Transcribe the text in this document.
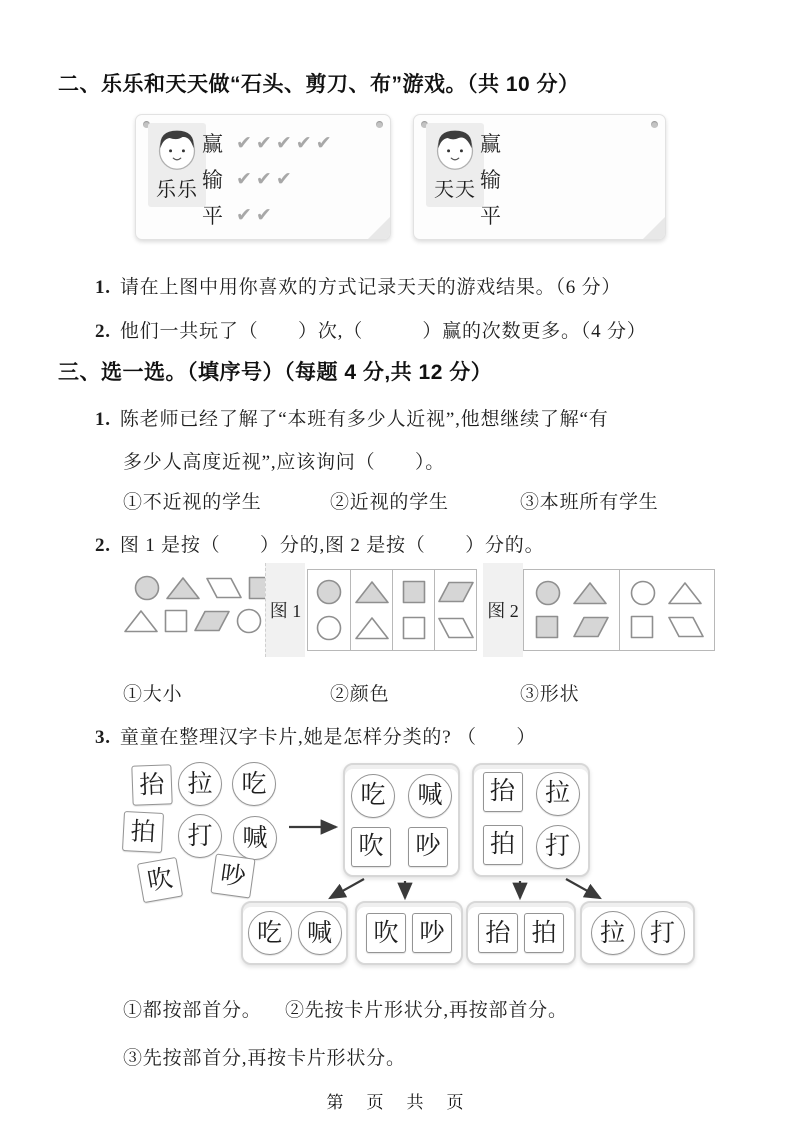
二、乐乐和天天做“石头、剪刀、布”游戏。（共 10 分）
乐乐
赢 ✔ ✔ ✔ ✔ ✔
输 ✔ ✔ ✔
平 ✔ ✔
天天
赢
输
平
1. 请在上图中用你喜欢的方式记录天天的游戏结果。（6 分）
2. 他们一共玩了（　　）次,（　　　）赢的次数更多。（4 分）
三、选一选。（填序号）（每题 4 分,共 12 分）
1. 陈老师已经了解了“本班有多少人近视”,他想继续了解“有
多少人高度近视”,应该询问（　　）。
①不近视的学生	②近视的学生	③本班所有学生
2. 图 1 是按（　　）分的,图 2 是按（　　）分的。
图 1	图 2
①大小	②颜色	③形状
3. 童童在整理汉字卡片,她是怎样分类的? （　　）
抬 拉	吃
拍	打	喊
吹	吵
吃	喊
吹	吵
抬	拉
拍	打
吃 喊	吹 吵	抬 拍	拉 打
①都按部首分。	②先按卡片形状分,再按部首分。
③先按部首分,再按卡片形状分。
第　页　共　页
